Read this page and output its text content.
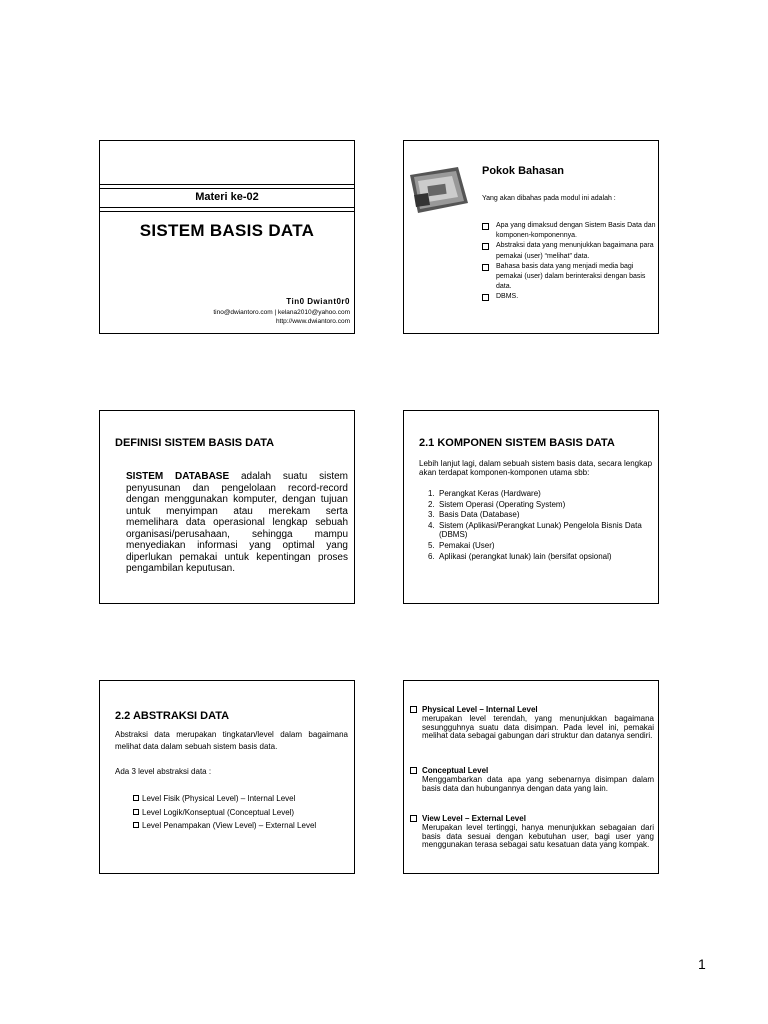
Materi ke-02
SISTEM BASIS DATA
Tin0 Dwiant0r0
tino@dwiantoro.com | kelana2010@yahoo.com
http://www.dwiantoro.com
Pokok Bahasan
Yang akan dibahas pada modul ini adalah :
Apa yang dimaksud dengan Sistem Basis Data dan komponen-komponennya.
Abstraksi data yang menunjukkan bagaimana para pemakai (user) “melihat” data.
Bahasa basis data yang menjadi media bagi pemakai (user) dalam berinteraksi dengan basis data.
DBMS.
DEFINISI SISTEM BASIS DATA
SISTEM DATABASE adalah suatu sistem penyusunan dan pengelolaan record-record dengan menggunakan komputer, dengan tujuan untuk menyimpan atau merekam serta memelihara data operasional lengkap sebuah organisasi/perusahaan, sehingga mampu menyediakan informasi yang optimal yang diperlukan pemakai untuk kepentingan proses pengambilan keputusan.
2.1 KOMPONEN SISTEM BASIS DATA
Lebih lanjut lagi, dalam sebuah sistem basis data, secara lengkap akan terdapat komponen-komponen utama sbb:
1. Perangkat Keras (Hardware)
2. Sistem Operasi (Operating System)
3. Basis Data (Database)
4. Sistem (Aplikasi/Perangkat Lunak) Pengelola Bisnis Data (DBMS)
5. Pemakai (User)
6. Aplikasi (perangkat lunak) lain (bersifat opsional)
2.2 ABSTRAKSI DATA
Abstraksi data merupakan tingkatan/level dalam bagaimana melihat data dalam sebuah sistem basis data.
Ada 3 level abstraksi data :
Level Fisik (Physical Level) – Internal Level
Level Logik/Konseptual (Conceptual Level)
Level Penampakan (View Level) – External Level
Physical Level – Internal Level
merupakan level terendah, yang menunjukkan bagaimana sesungguhnya suatu data disimpan. Pada level ini, pemakai melihat data sebagai gabungan dari struktur dan datanya sendiri.
Conceptual Level
Menggambarkan data apa yang sebenarnya disimpan dalam basis data dan hubungannya dengan data yang lain.
View Level – External Level
Merupakan level tertinggi, hanya menunjukkan sebagaian dari basis data sesuai dengan kebutuhan user, bagi user yang menggunakan terasa sebagai satu kesatuan data yang kompak.
1
